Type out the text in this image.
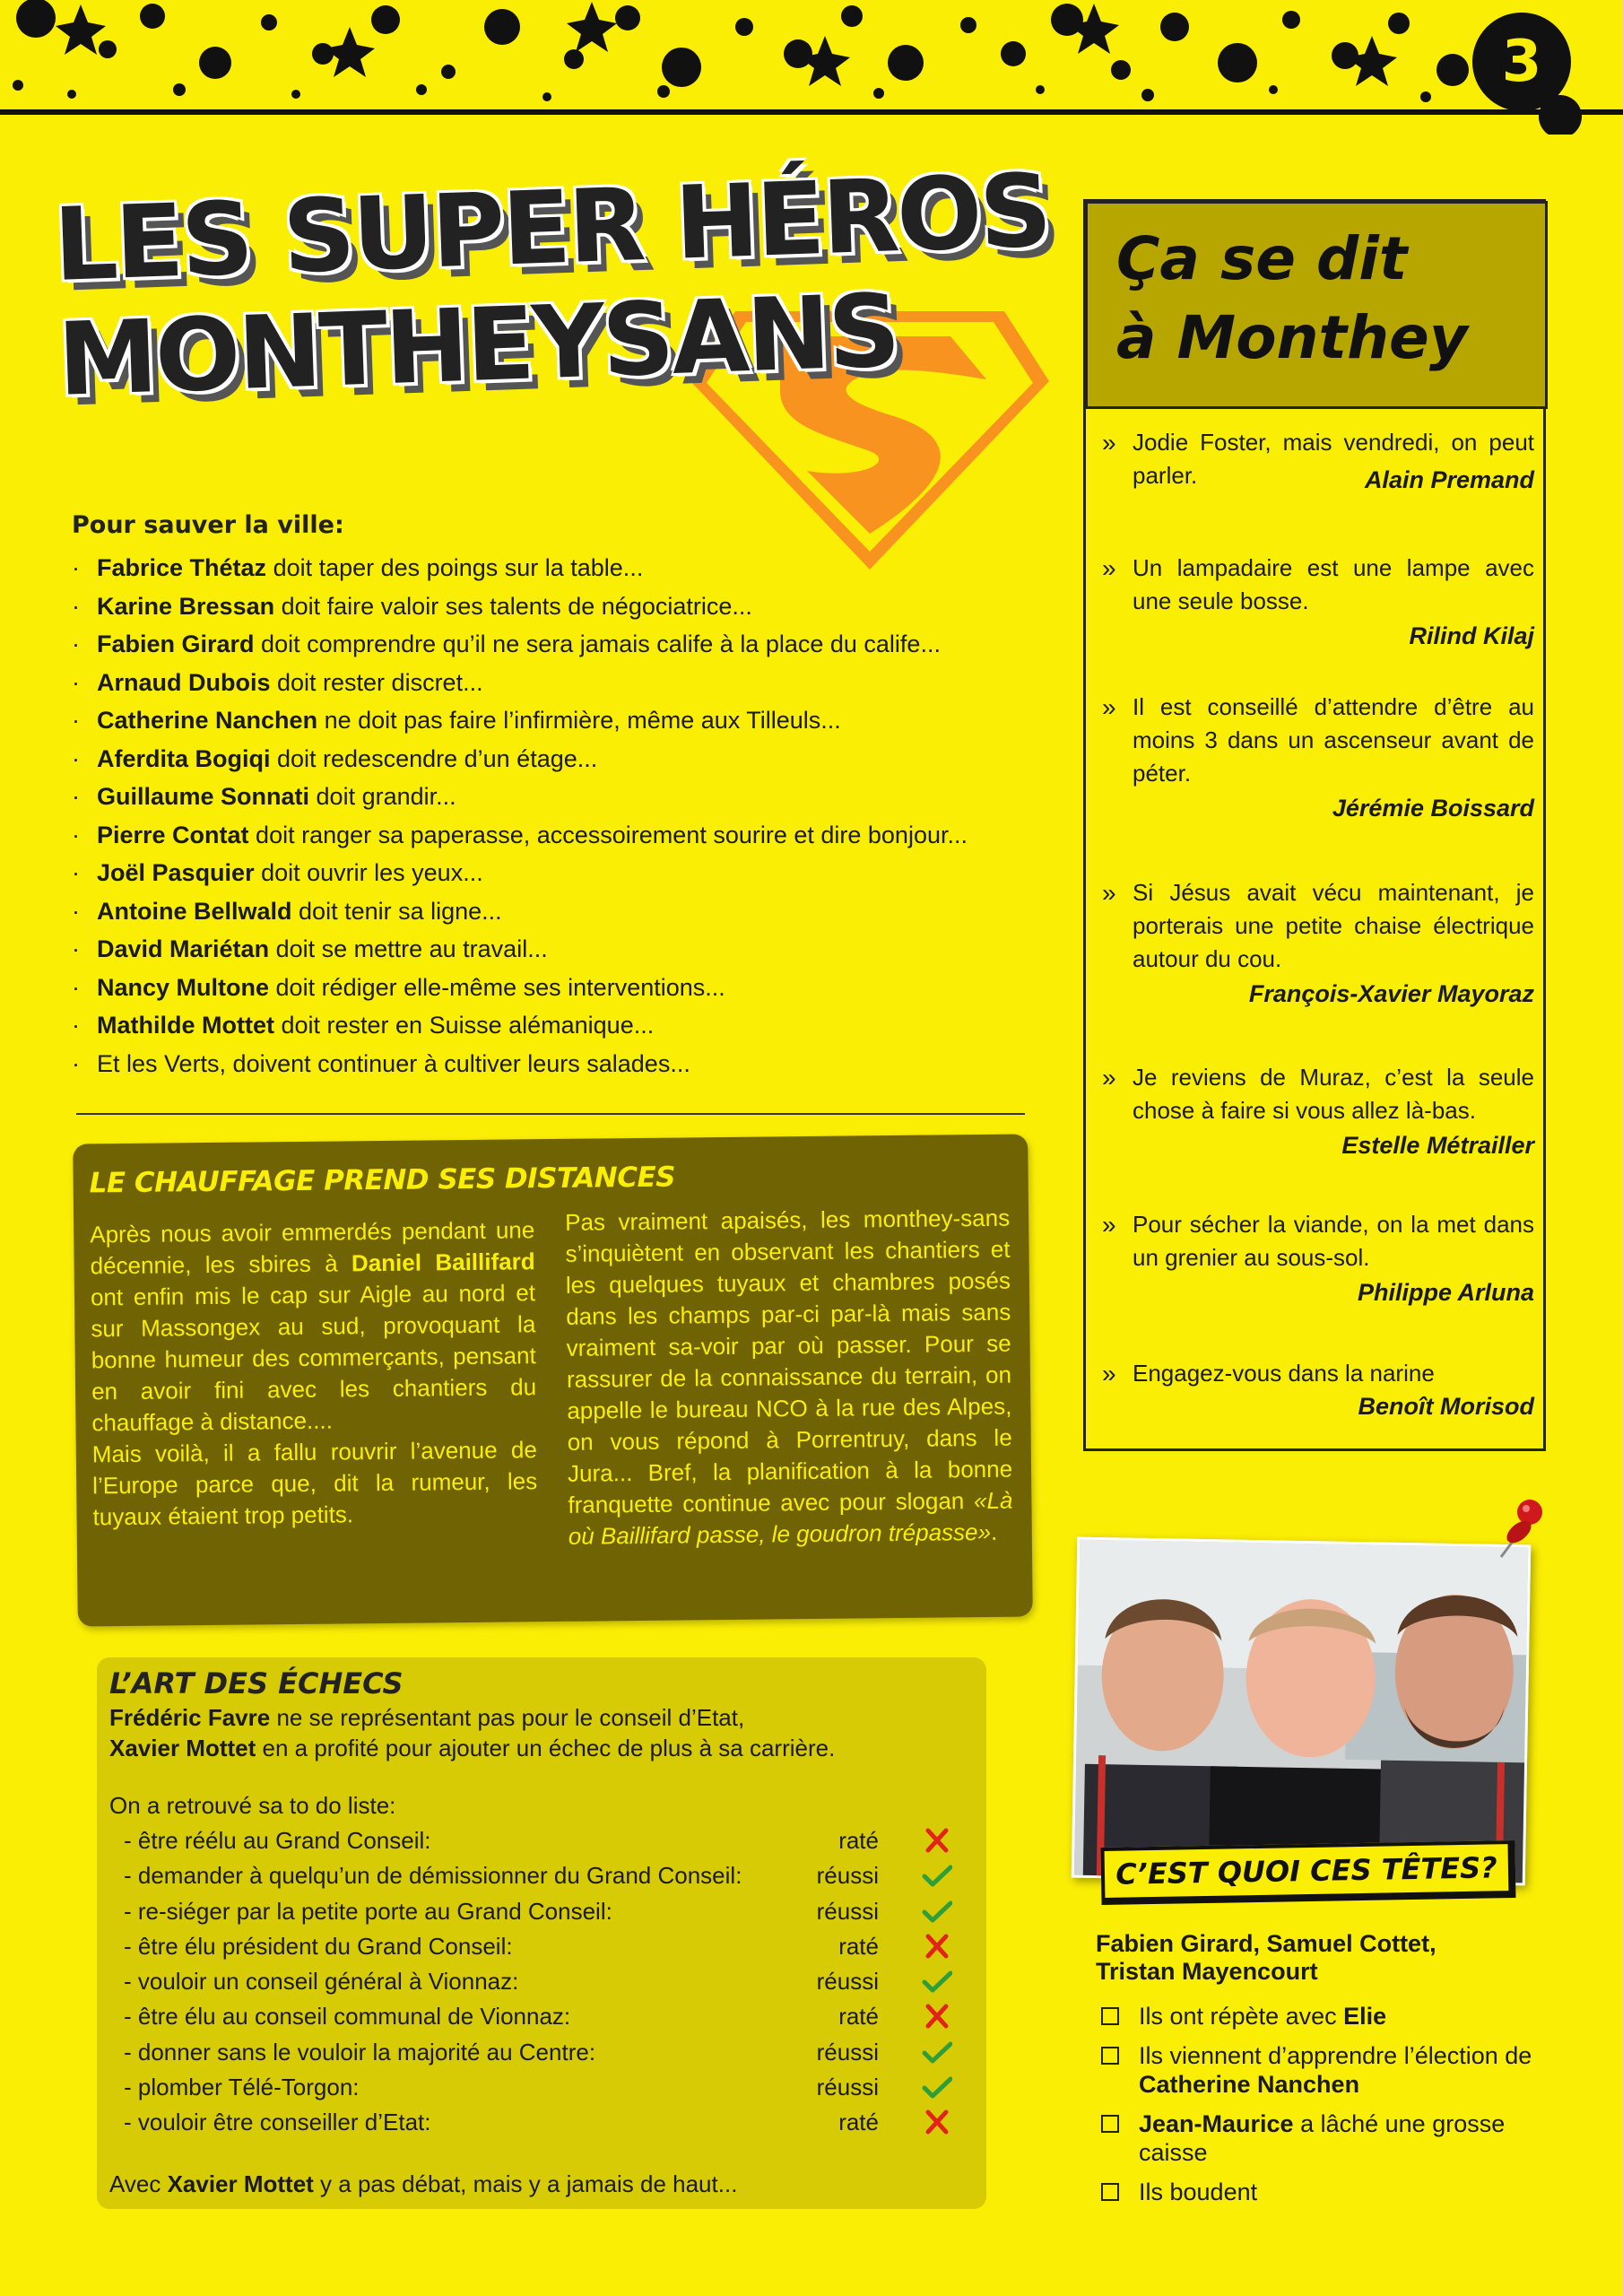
3
LES SUPER HÉROS
MONTHEYSANS
Pour sauver la ville:
· Fabrice Thétaz doit taper des poings sur la table...
· Karine Bressan doit faire valoir ses talents de négociatrice...
· Fabien Girard doit comprendre qu’il ne sera jamais calife à la place du calife...
· Arnaud Dubois doit rester discret...
· Catherine Nanchen ne doit pas faire l’infirmière, même aux Tilleuls...
· Aferdita Bogiqi doit redescendre d’un étage...
· Guillaume Sonnati doit grandir...
· Pierre Contat doit ranger sa paperasse, accessoirement sourire et dire bonjour...
· Joël Pasquier doit ouvrir les yeux...
· Antoine Bellwald doit tenir sa ligne...
· David Mariétan doit se mettre au travail...
· Nancy Multone doit rédiger elle-même ses interventions...
· Mathilde Mottet doit rester en Suisse alémanique...
· Et les Verts, doivent continuer à cultiver leurs salades...
LE CHAUFFAGE PREND SES DISTANCES

Après nous avoir emmerdés pendant une décennie, les sbires à Daniel Baillifard ont enfin mis le cap sur Aigle au nord et sur Massongex au sud, provoquant la bonne humeur des commerçants, pensant en avoir fini avec les chantiers du chauffage à distance....

Mais voilà, il a fallu rouvrir l’avenue de l’Europe parce que, dit la rumeur, les tuyaux étaient trop petits.

Pas vraiment apaisés, les monthey-sans s’inquiètent en observant les chantiers et les quelques tuyaux et chambres posés dans les champs par-ci par-là mais sans vraiment sa-voir par où passer. Pour se rassurer de la connaissance du terrain, on appelle le bureau NCO à la rue des Alpes, on vous répond à Porrentruy, dans le Jura... Bref, la planification à la bonne franquette continue avec pour slogan «Là où Baillifard passe, le goudron trépasse».

L’ART DES ÉCHECS
Frédéric Favre ne se représentant pas pour le conseil d’Etat,
Xavier Mottet en a profité pour ajouter un échec de plus à sa carrière.
On a retrouvé sa to do liste:
- être réélu au Grand Conseil:	raté
- demander à quelqu’un de démissionner du Grand Conseil:	réussi
- re-siéger par la petite porte au Grand Conseil:	réussi
- être élu président du Grand Conseil:	raté
- vouloir un conseil général à Vionnaz:	réussi
- être élu au conseil communal de Vionnaz:	raté
- donner sans le vouloir la majorité au Centre:	réussi
- plomber Télé-Torgon:	réussi
- vouloir être conseiller d’Etat:	raté
Avec Xavier Mottet y a pas débat, mais y a jamais de haut...
Ça se dit
à Monthey
» Jodie Foster, mais vendredi, on peut parler.	Alain Premand
» Un lampadaire est une lampe avec une seule bosse.
Rilind Kilaj
» Il est conseillé d’attendre d’être au moins 3 dans un ascenseur avant de péter.
Jérémie Boissard
» Si Jésus avait vécu maintenant, je porterais une petite chaise électrique autour du cou.
François-Xavier Mayoraz
» Je reviens de Muraz, c’est la seule chose à faire si vous allez là-bas.
Estelle Métrailler
» Pour sécher la viande, on la met dans un grenier au sous-sol.
Philippe Arluna
» Engagez-vous dans la narine
Benoît Morisod
C’EST QUOI CES TÊTES?
Fabien Girard, Samuel Cottet,
Tristan Mayencourt
Ils ont répète avec Elie
Ils viennent d’apprendre l’élection de Catherine Nanchen
Jean-Maurice a lâché une grosse caisse
Ils boudent
